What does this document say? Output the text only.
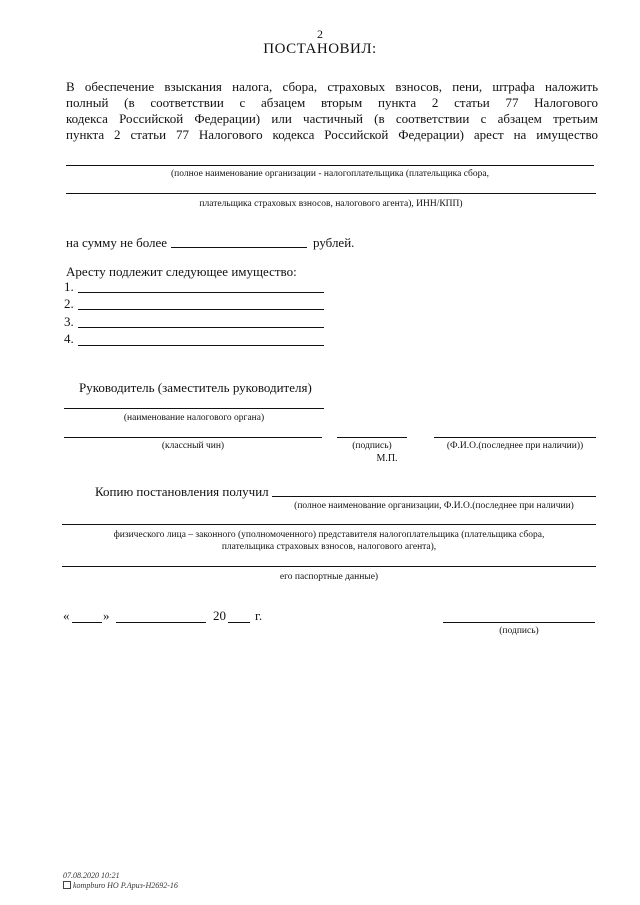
2
ПОСТАНОВИЛ:
В обеспечение взыскания налога, сбора, страховых взносов, пени, штрафа наложить
полный (в соответствии с абзацем вторым пункта 2 статьи 77 Налогового
кодекса Российской Федерации) или частичный (в соответствии с абзацем третьим
пункта 2 статьи 77 Налогового кодекса Российской Федерации) арест на имущество
(полное наименование организации - налогоплательщика (плательщика сбора,
плательщика страховых взносов, налогового агента), ИНН/КПП)
на сумму не более	рублей.
Аресту подлежит следующее имущество:
1.
2.
3.
4.
Руководитель (заместитель руководителя)
(наименование налогового органа)
(классный чин)	(подпись)	(Ф.И.О.(последнее при наличии))
М.П.
Копию постановления получил
(полное наименование организации, Ф.И.О.(последнее при наличии)
физического лица – законного (уполномоченного) представителя налогоплательщика (плательщика сбора,
плательщика страховых взносов, налогового агента),
его паспортные данные)
«	»	20 г.
(подпись)
07.08.2020 10:21
kompburo НО Р.Ариз-Н2692-16
